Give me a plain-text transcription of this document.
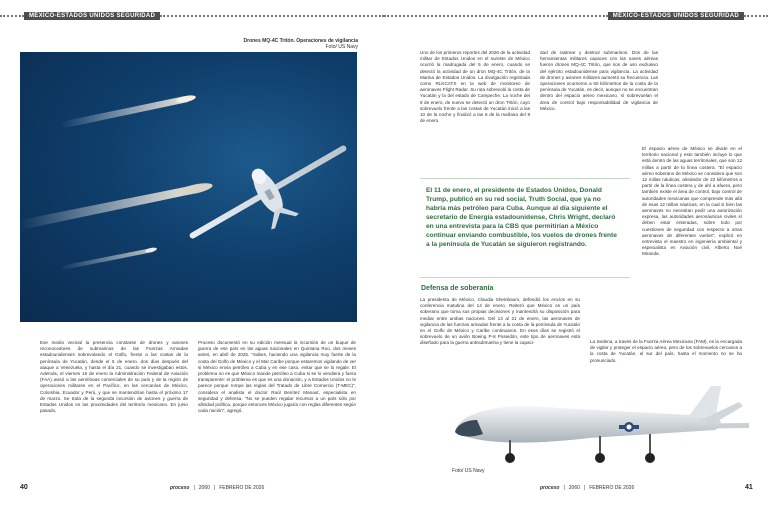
MÉXICO-ESTADOS UNIDOS SEGURIDAD
Drones MQ-4C Tritón. Operaciones de vigilancia
Foto/ US Navy
Ese medio vecinal la presencia constante de drones y aviones reconocedores de submarinos de las Fuerzas Armadas estadounidenses sobrevolando el Golfo, frente a las costas de la península de Yucatán, desde el 5 de enero, dos días después del ataque a Venezuela, y hasta el día 21, cuando se investigaban estos. Además, el viernes 16 de enero la Administración Federal de Aviación (FAA) avisó a las aerolíneas comerciales de su país y de la región de operaciones militares en el Pacífico, en las cercanías de México, Colombia, Ecuador y Perú, y que se mantendrían hasta el próximo 17 de marzo. Se trata de la segunda incursión de aviones y guerra de Estados Unidos en las proximidades del territorio mexicano. En junio pasado,
Proceso documentó en su edición mensual la incursión de un buque de guerra de ese país en las aguas nacionales en Quintana Roo, dos meses antes, en abril de 2025. "Sabes, haciendo una vigilancia muy fuerte de la costa del Golfo de México y el Mar Caribe porque estaremos vigilando de ver si México envía petróleo a Cuba y en ese caso, evitar que se lo regale. El problema no es que México mande petróleo a Cuba si se lo vendiera y fuera transparente: el problema es que es una donación, y a Estados Unidos no le parece porque rompe las reglas del Tratado de Libre Comercio (T-MEC)", considera el analista el doctor Raúl Benítez Manaut, especialista en seguridad y defensa. "No se pueden regalar recursos a un país sólo por afinidad política, porque entonces México jugaría con reglas diferentes según cada nación", agregó.
40	proceso | 2060 | FEBRERO DE 2026
MÉXICO-ESTADOS UNIDOS SEGURIDAD
Uno de los primeros reportes del 2026 de la actividad militar de Estados Unidos en el sureste de México ocurrió la madrugada del 5 de enero, cuando se detectó la actividad de un dron MQ-4C Tritón, de la Marina de Estados Unidos. La divulgación registrada como RLKCATS en la web de monitoreo de aeronaves Flight Radar. Su ruta sobrevoló la costa de Yucatán y la del estado de Campeche. La noche del 8 de enero, de nuevo se detectó un dron Tritón, cuyo sobrevuelo frente a las costas de Yucatán inició a las 10 de la noche y finalizó a las 6 de la mañana del 9 de enero.
dad de rastrear y destruir submarinos. Dos de las herramientas militares capaces con las naves aéreas fueron drones MQ-4C Tritón, que son de uso exclusivo del ejército estadounidense para vigilancia. La actividad de drones y aviones militares aumentó su frecuencia. Las operaciones ocurrieron a 50 kilómetros de la costa de la península de Yucatán, es decir, aunque no se encuentran dentro del espacio aéreo mexicano, sí sobrevuelan el área de control bajo responsabilidad de vigilancia de México.
El espacio aéreo de México se divide en el territorio nacional y esto también incluye lo que está dentro de las aguas territoriales, que son 12 millas a partir de la línea costera. "El espacio aéreo soberano de México se considera que son 12 millas náuticas, alrededor de 22 kilómetros a partir de la línea costera y de ahí a afuera, pero también existe el área de control, bajo control de autoridades mexicanas que comprende más allá de esas 12 millas náuticas, en la cual si bien las aeronaves no necesitan pedir una autorización expresa, las autoridades aeronáuticas civiles sí deben estar enteradas, sobre todo por cuestiones de seguridad con respecto a otras aeronaves de diferentes vuelos", explicó en entrevista el maestro en ingeniería ambiental y especialista en Aviación civil, Alberto Noé Miranda.
El 11 de enero, el presidente de Estados Unidos, Donald Trump, publicó en su red social, Truth Social, que ya no habría más petróleo para Cuba. Aunque al día siguiente el secretario de Energía estadounidense, Chris Wright, declaró en una entrevista para la CBS que permitirían a México continuar enviando combustible, los vuelos de drones frente a la península de Yucatán se siguieron registrando.
Defensa de soberanía
La presidenta de México, Claudia Sheinbaum, defendió los envíos en su conferencia matutina del 14 de enero. Reiteró que México es un país soberano que toma sus propias decisiones y mantendrá su disposición para mediar entre ambas naciones. Del 13 al 21 de enero, las aeronaves de vigilancia de las fuerzas armadas frente a la costa de la península de Yucatán en el Golfo de México y Caribe continuaron. En esos días se registró el sobrevuelo de un avión Boeing P-8 Poseidón, este tipo de aeronaves está diseñado para la guerra antisubmarina y tiene la capaci-	La Sedena, a través de la Fuerza Aérea Mexicana (FAM), es la encargada de vigilar y proteger el espacio aéreo, pero de los sobrevuelos cercanos a la costa de Yucatán, al sur del país, hasta el momento no se ha pronunciado.
Foto/ US Navy
proceso | 2060 | FEBRERO DE 2026	41
